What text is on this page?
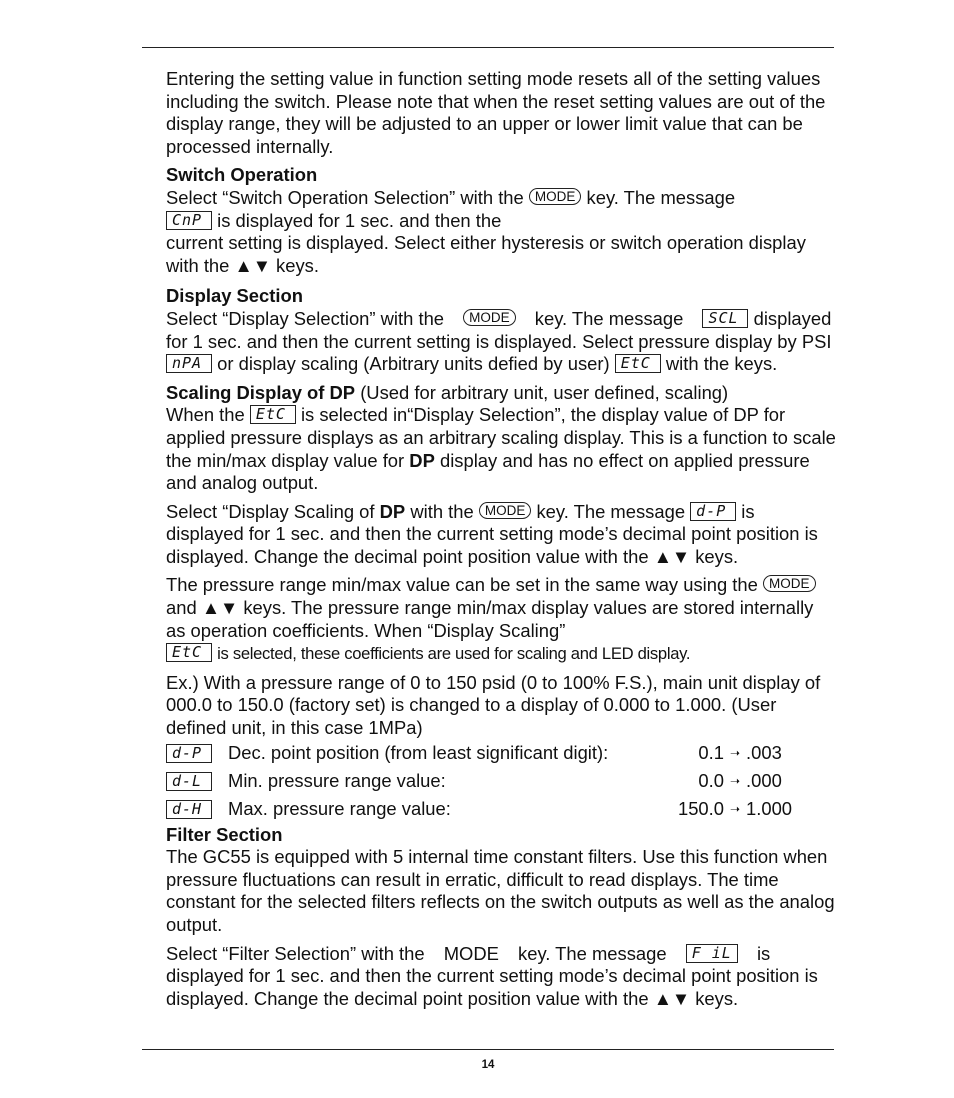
Entering the setting value in function setting mode resets all of the setting values including the switch. Please note that when the reset setting values are out of the display range, they will be adjusted to an upper or lower limit value that can be processed internally.

Switch Operation

Select “Switch Operation Selection” with the MODE key. The message
CnP is displayed for 1 sec. and then the
current setting is displayed. Select either hysteresis or switch operation display with the ▲▼ keys.

Display Section

Select “Display Selection” with the MODE key. The message SCL displayed for 1 sec. and then the current setting is displayed. Select pressure display by PSI nPA or display scaling (Arbitrary units defied by user) EtC with the keys.

Scaling Display of DP (Used for arbitrary unit, user defined, scaling)

When the EtC is selected in“Display Selection”, the display value of DP for applied pressure displays as an arbitrary scaling display. This is a function to scale the min/max display value for DP display and has no effect on applied pressure and analog output.

Select “Display Scaling of DP with the MODE key. The message d-P is displayed for 1 sec. and then the current setting mode’s decimal point position is displayed. Change the decimal point position value with the ▲▼ keys.

The pressure range min/max value can be set in the same way using the MODE and ▲▼ keys. The pressure range min/max display values are stored internally as operation coefficients. When “Display Scaling”
EtC is selected, these coefficients are used for scaling and LED display.

Ex.) With a pressure range of 0 to 150 psid (0 to 100% F.S.), main unit display of 000.0 to 150.0 (factory set) is changed to a display of 0.000 to 1.000. (User defined unit, in this case 1MPa)

d-P	Dec. point position (from least significant digit):	0.1 ➝ .003
d-L	Min. pressure range value:	0.0 ➝ .000
d-H	Max. pressure range value:	150.0 ➝ 1.000

Filter Section

The GC55 is equipped with 5 internal time constant filters. Use this function when pressure fluctuations can result in erratic, difficult to read displays. The time constant for the selected filters reflects on the switch outputs as well as the analog output.

Select “Filter Selection” with the MODE key. The message F iL is displayed for 1 sec. and then the current setting mode’s decimal point position is displayed. Change the decimal point position value with the ▲▼ keys.

14
